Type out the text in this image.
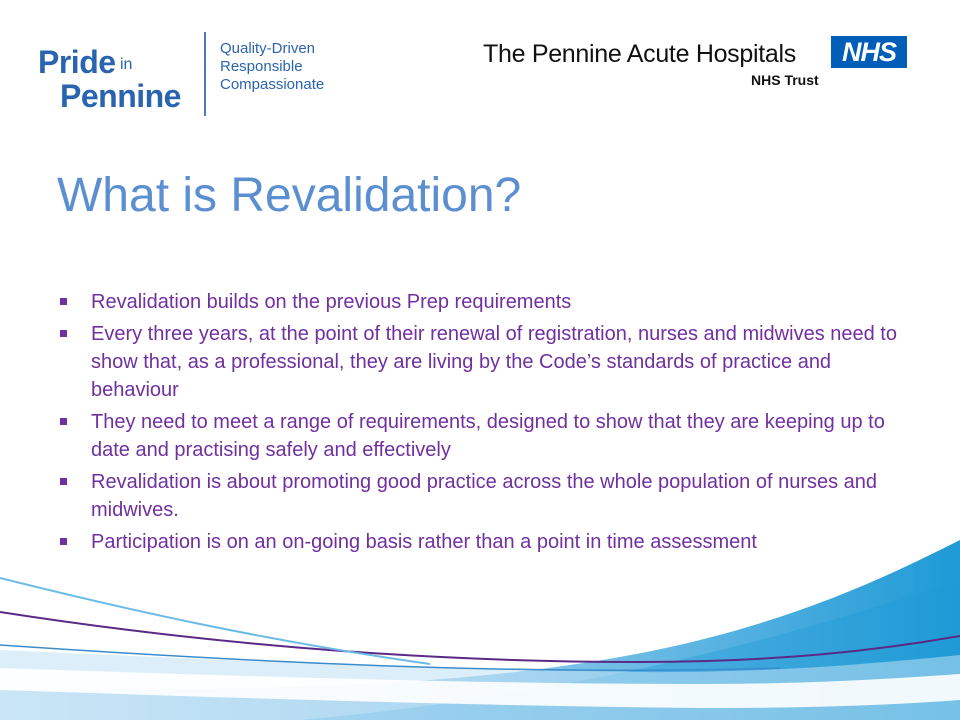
Pride in
Pennine
Quality-Driven
Responsible
Compassionate
The Pennine Acute Hospitals
NHS Trust
NHS
What is Revalidation?
Revalidation builds on the previous Prep requirements
Every three years, at the point of their renewal of registration, nurses and midwives need to show that, as a professional, they are living by the Code’s standards of practice and behaviour
They need to meet a range of requirements, designed to show that they are keeping up to date and practising safely and effectively
Revalidation is about promoting good practice across the whole population of nurses and midwives.
Participation is on an on-going basis rather than a point in time assessment
